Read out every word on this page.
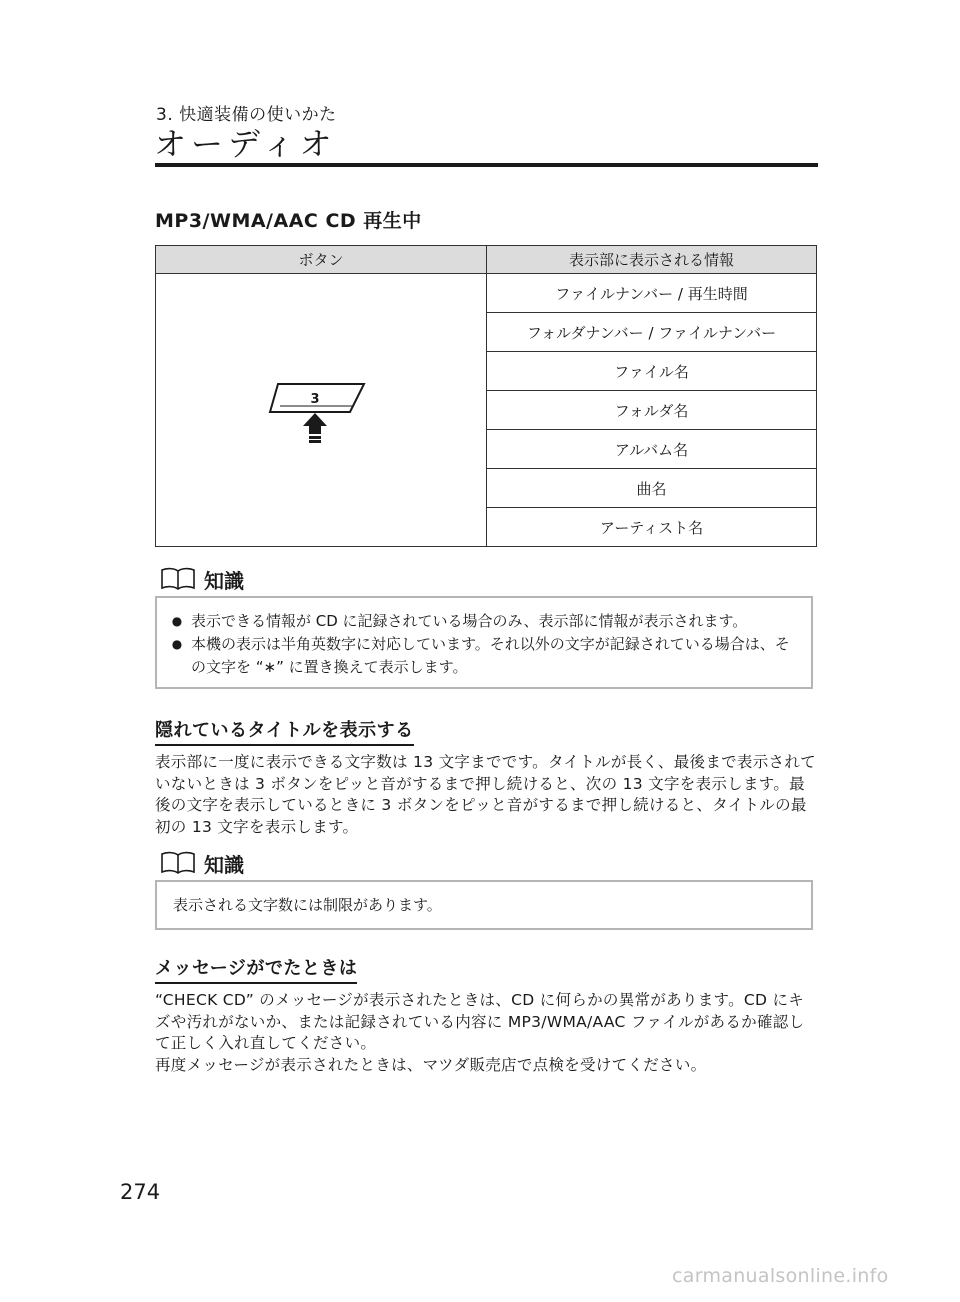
3. 快適装備の使いかた
オーディオ
MP3/WMA/AAC CD 再生中
ボタン	表示部に表示される情報

3	ファイルナンバー / 再生時間
	フォルダナンバー / ファイルナンバー
	ファイル名
	フォルダ名
	アルバム名
	曲名
	アーティスト名
知識
● 表示できる情報が CD に記録されている場合のみ、表示部に情報が表示されます。
● 本機の表示は半角英数字に対応しています。それ以外の文字が記録されている場合は、その文字を “∗” に置き換えて表示します。
隠れているタイトルを表示する
表示部に一度に表示できる文字数は 13 文字までです。タイトルが長く、最後まで表示されていないときは 3 ボタンをピッと音がするまで押し続けると、次の 13 文字を表示します。最後の文字を表示しているときに 3 ボタンをピッと音がするまで押し続けると、タイトルの最初の 13 文字を表示します。
知識
表示される文字数には制限があります。
メッセージがでたときは
“CHECK CD” のメッセージが表示されたときは、CD に何らかの異常があります。CD にキズや汚れがないか、または記録されている内容に MP3/WMA/AAC ファイルがあるか確認して正しく入れ直してください。
再度メッセージが表示されたときは、マツダ販売店で点検を受けてください。
274
carmanualsonline.info
